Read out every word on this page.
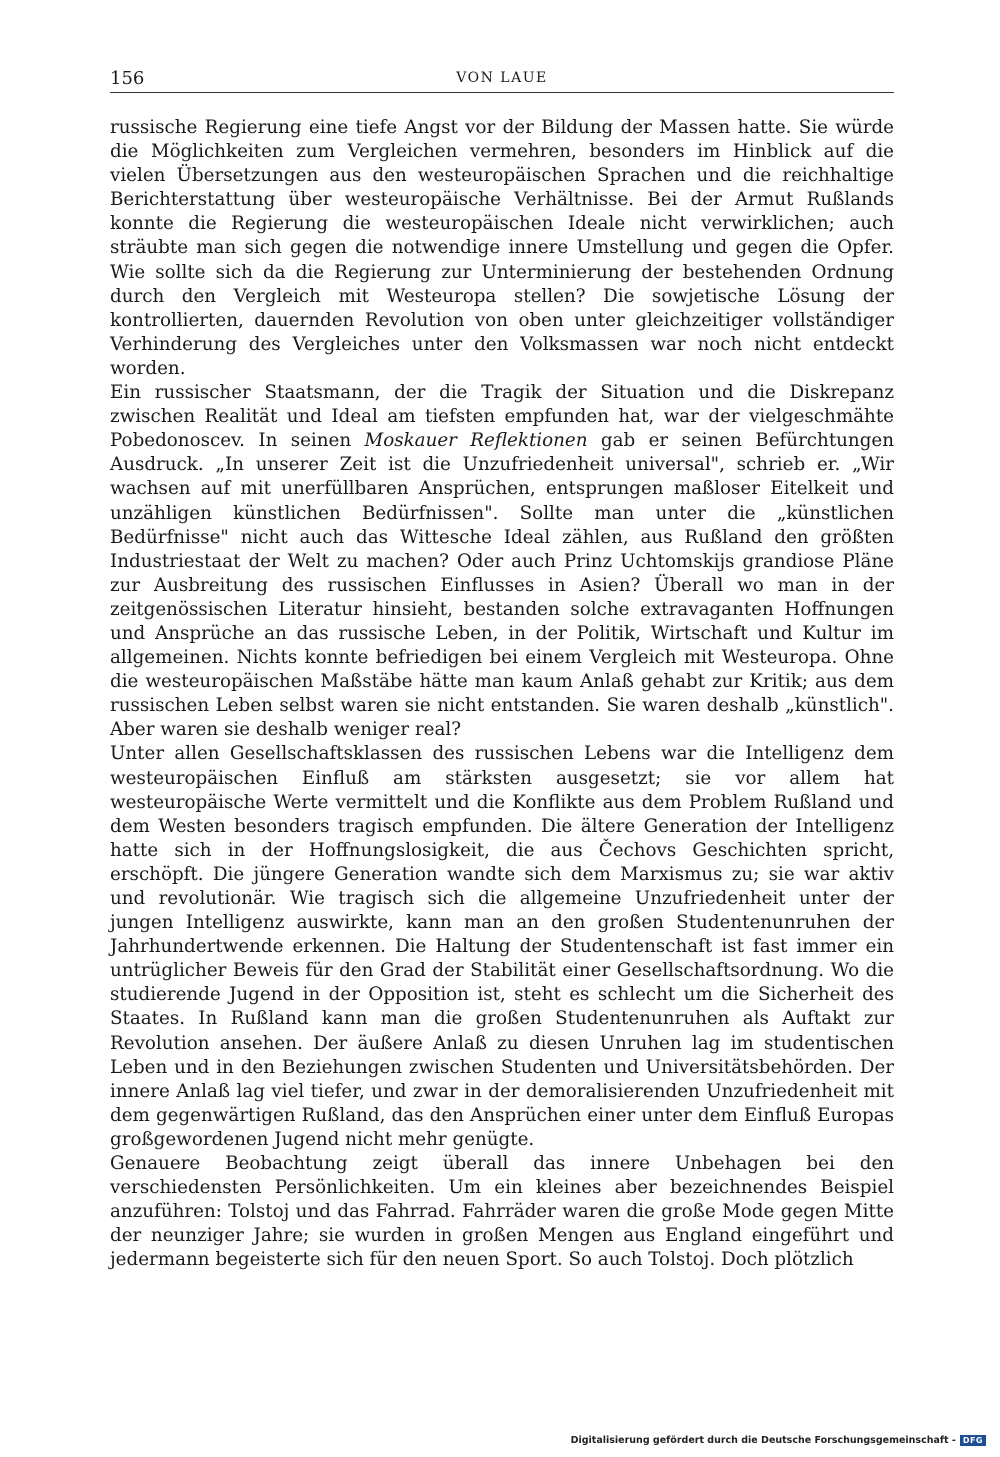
156	VON LAUE

russische Regierung eine tiefe Angst vor der Bildung der Massen hatte. Sie würde die Möglichkeiten zum Vergleichen vermehren, besonders im Hinblick auf die vielen Übersetzungen aus den westeuropäischen Sprachen und die reichhaltige Berichterstattung über westeuropäische Verhältnisse. Bei der Armut Rußlands konnte die Regierung die westeuropäischen Ideale nicht verwirklichen; auch sträubte man sich gegen die notwendige innere Umstellung und gegen die Opfer. Wie sollte sich da die Regierung zur Unterminierung der bestehenden Ordnung durch den Vergleich mit Westeuropa stellen? Die sowjetische Lösung der kontrollierten, dauernden Revolution von oben unter gleichzeitiger vollständiger Verhinderung des Vergleiches unter den Volksmassen war noch nicht entdeckt worden.

Ein russischer Staatsmann, der die Tragik der Situation und die Diskrepanz zwischen Realität und Ideal am tiefsten empfunden hat, war der vielgeschmähte Pobedonoscev. In seinen Moskauer Reflektionen gab er seinen Befürchtungen Ausdruck. „In unserer Zeit ist die Unzufriedenheit universal", schrieb er. „Wir wachsen auf mit unerfüllbaren Ansprüchen, entsprungen maßloser Eitelkeit und unzähligen künstlichen Bedürfnissen". Sollte man unter die „künstlichen Bedürfnisse" nicht auch das Wittesche Ideal zählen, aus Rußland den größten Industriestaat der Welt zu machen? Oder auch Prinz Uchtomskijs grandiose Pläne zur Ausbreitung des russischen Einflusses in Asien? Überall wo man in der zeitgenössischen Literatur hinsieht, bestanden solche extravaganten Hoffnungen und Ansprüche an das russische Leben, in der Politik, Wirtschaft und Kultur im allgemeinen. Nichts konnte befriedigen bei einem Vergleich mit Westeuropa. Ohne die westeuropäischen Maßstäbe hätte man kaum Anlaß gehabt zur Kritik; aus dem russischen Leben selbst waren sie nicht entstanden. Sie waren deshalb „künstlich". Aber waren sie deshalb weniger real?

Unter allen Gesellschaftsklassen des russischen Lebens war die Intelligenz dem westeuropäischen Einfluß am stärksten ausgesetzt; sie vor allem hat westeuropäische Werte vermittelt und die Konflikte aus dem Problem Rußland und dem Westen besonders tragisch empfunden. Die ältere Generation der Intelligenz hatte sich in der Hoffnungslosigkeit, die aus Čechovs Geschichten spricht, erschöpft. Die jüngere Generation wandte sich dem Marxismus zu; sie war aktiv und revolutionär. Wie tragisch sich die allgemeine Unzufriedenheit unter der jungen Intelligenz auswirkte, kann man an den großen Studentenunruhen der Jahrhundertwende erkennen. Die Haltung der Studentenschaft ist fast immer ein untrüglicher Beweis für den Grad der Stabilität einer Gesellschaftsordnung. Wo die studierende Jugend in der Opposition ist, steht es schlecht um die Sicherheit des Staates. In Rußland kann man die großen Studentenunruhen als Auftakt zur Revolution ansehen. Der äußere Anlaß zu diesen Unruhen lag im studentischen Leben und in den Beziehungen zwischen Studenten und Universitätsbehörden. Der innere Anlaß lag viel tiefer, und zwar in der demoralisierenden Unzufriedenheit mit dem gegenwärtigen Rußland, das den Ansprüchen einer unter dem Einfluß Europas großgewordenen Jugend nicht mehr genügte.

Genauere Beobachtung zeigt überall das innere Unbehagen bei den verschiedensten Persönlichkeiten. Um ein kleines aber bezeichnendes Beispiel anzuführen: Tolstoj und das Fahrrad. Fahrräder waren die große Mode gegen Mitte der neunziger Jahre; sie wurden in großen Mengen aus England eingeführt und jedermann begeisterte sich für den neuen Sport. So auch Tolstoj. Doch plötzlich

Digitalisierung gefördert durch die Deutsche Forschungsgemeinschaft - DFG
